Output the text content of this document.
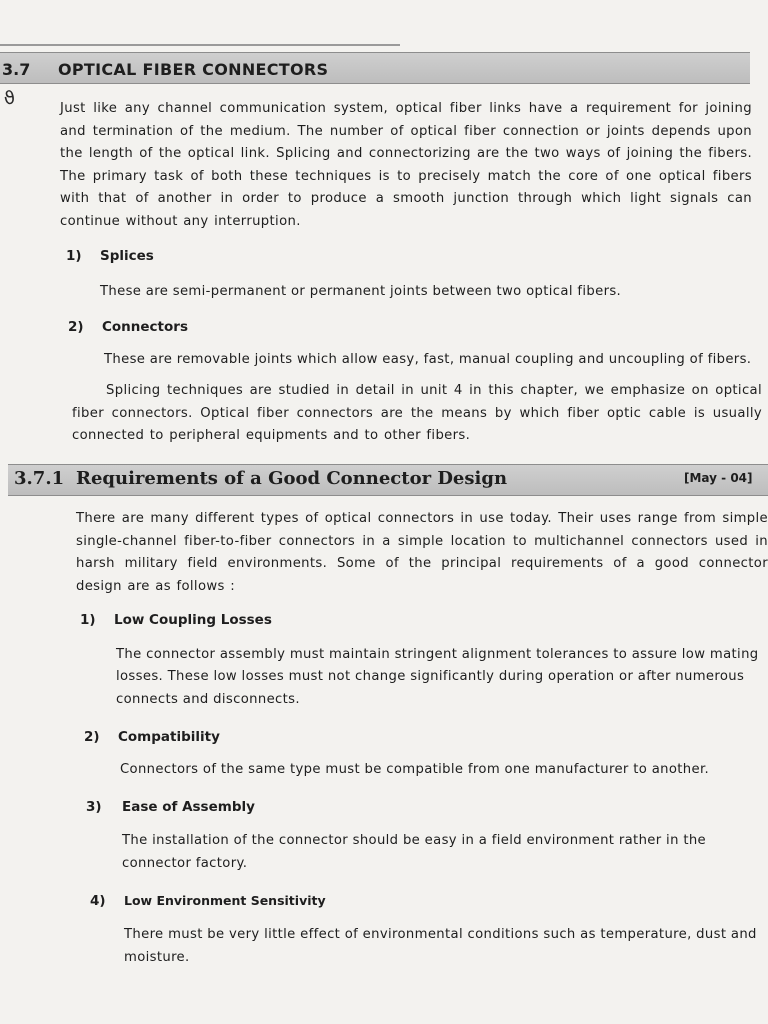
ϑ
3.7 OPTICAL FIBER CONNECTORS

Just like any channel communication system, optical fiber links have a requirement for joining and termination of the medium. The number of optical fiber connection or joints depends upon the length of the optical link. Splicing and connectorizing are the two ways of joining the fibers. The primary task of both these techniques is to precisely match the core of one optical fibers with that of another in order to produce a smooth junction through which light signals can continue without any interruption.

1) Splices
These are semi-permanent or permanent joints between two optical fibers.
2) Connectors
These are removable joints which allow easy, fast, manual coupling and uncoupling of fibers.

Splicing techniques are studied in detail in unit 4 in this chapter, we emphasize on optical fiber connectors. Optical fiber connectors are the means by which fiber optic cable is usually connected to peripheral equipments and to other fibers.

3.7.1 Requirements of a Good Connector Design	[May - 04]

There are many different types of optical connectors in use today. Their uses range from simple single-channel fiber-to-fiber connectors in a simple location to multichannel connectors used in harsh military field environments. Some of the principal requirements of a good connector design are as follows :

1) Low Coupling Losses
The connector assembly must maintain stringent alignment tolerances to assure low mating
losses. These low losses must not change significantly during operation or after numerous
connects and disconnects.
2) Compatibility
Connectors of the same type must be compatible from one manufacturer to another.
3) Ease of Assembly
The installation of the connector should be easy in a field environment rather in the
connector factory.
4) Low Environment Sensitivity
There must be very little effect of environmental conditions such as temperature, dust and
moisture.
